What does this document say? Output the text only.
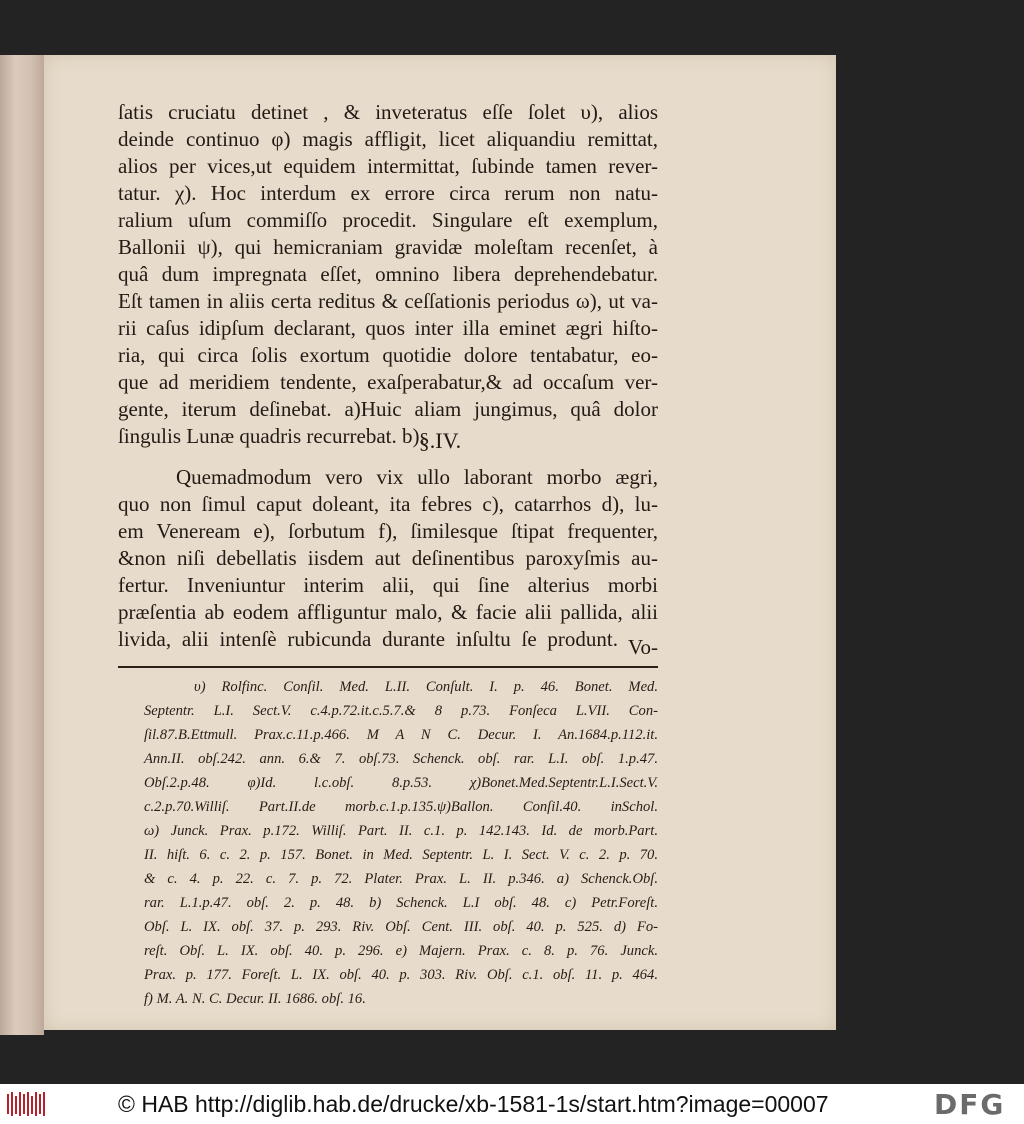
ſatis cruciatu detinet , & inveteratus eſſe ſolet υ), alios
deinde continuo φ) magis affligit, licet aliquandiu remittat,
alios per vices,ut equidem intermittat, ſubinde tamen rever-
tatur. χ). Hoc interdum ex errore circa rerum non natu-
ralium uſum commiſſo procedit. Singulare eſt exemplum,
Ballonii ψ), qui hemicraniam gravidæ moleſtam recenſet, à
quâ dum impregnata eſſet, omnino libera deprehendebatur.
Eſt tamen in aliis certa reditus & ceſſationis periodus ω), ut va-
rii caſus idipſum declarant, quos inter illa eminet ægri hiſto-
ria, qui circa ſolis exortum quotidie dolore tentabatur, eo-
que ad meridiem tendente, exaſperabatur,& ad occaſum ver-
gente, iterum deſinebat. a)Huic aliam jungimus, quâ dolor
ſingulis Lunæ quadris recurrebat. b).
§.IV.
Quemadmodum vero vix ullo laborant morbo ægri,
quo non ſimul caput doleant, ita febres c), catarrhos d), lu-
em Veneream e), ſorbutum f), ſimilesque ſtipat frequenter,
&non niſi debellatis iisdem aut deſinentibus paroxyſmis au-
fertur. Inveniuntur interim alii, qui ſine alterius morbi
præſentia ab eodem affliguntur malo, & facie alii pallida, alii
livida, alii intenſè rubicunda durante inſultu ſe produnt. Vo-
υ) Rolfinc. Conſil. Med. L.II. Conſult. I. p. 46. Bonet. Med.
Septentr. L.I. Sect.V. c.4.p.72.it.c.5.7.& 8 p.73. Fonſeca L.VII. Con-
ſil.87.B.Ettmull. Prax.c.11.p.466. M A N C. Decur. I. An.1684.p.112.it.
Ann.II. obſ.242. ann. 6.& 7. obſ.73. Schenck. obſ. rar. L.I. obſ. 1.p.47.
Obſ.2.p.48. φ)Id. l.c.obſ. 8.p.53. χ)Bonet.Med.Septentr.L.I.Sect.V.
c.2.p.70.Williſ. Part.II.de morb.c.1.p.135.ψ)Ballon. Conſil.40. inSchol.
ω) Junck. Prax. p.172. Williſ. Part. II. c.1. p. 142.143. Id. de morb.Part.
II. hiſt. 6. c. 2. p. 157. Bonet. in Med. Septentr. L. I. Sect. V. c. 2. p. 70.
& c. 4. p. 22. c. 7. p. 72. Plater. Prax. L. II. p.346. a) Schenck.Obſ.
rar. L.1.p.47. obſ. 2. p. 48. b) Schenck. L.I obſ. 48. c) Petr.Foreſt.
Obſ. L. IX. obſ. 37. p. 293. Riv. Obſ. Cent. III. obſ. 40. p. 525. d) Fo-
reſt. Obſ. L. IX. obſ. 40. p. 296. e) Majern. Prax. c. 8. p. 76. Junck.
Prax. p. 177. Foreſt. L. IX. obſ. 40. p. 303. Riv. Obſ. c.1. obſ. 11. p. 464.
f) M. A. N. C. Decur. II. 1686. obſ. 16.
© HAB http://diglib.hab.de/drucke/xb-1581-1s/start.htm?image=00007	DFG
